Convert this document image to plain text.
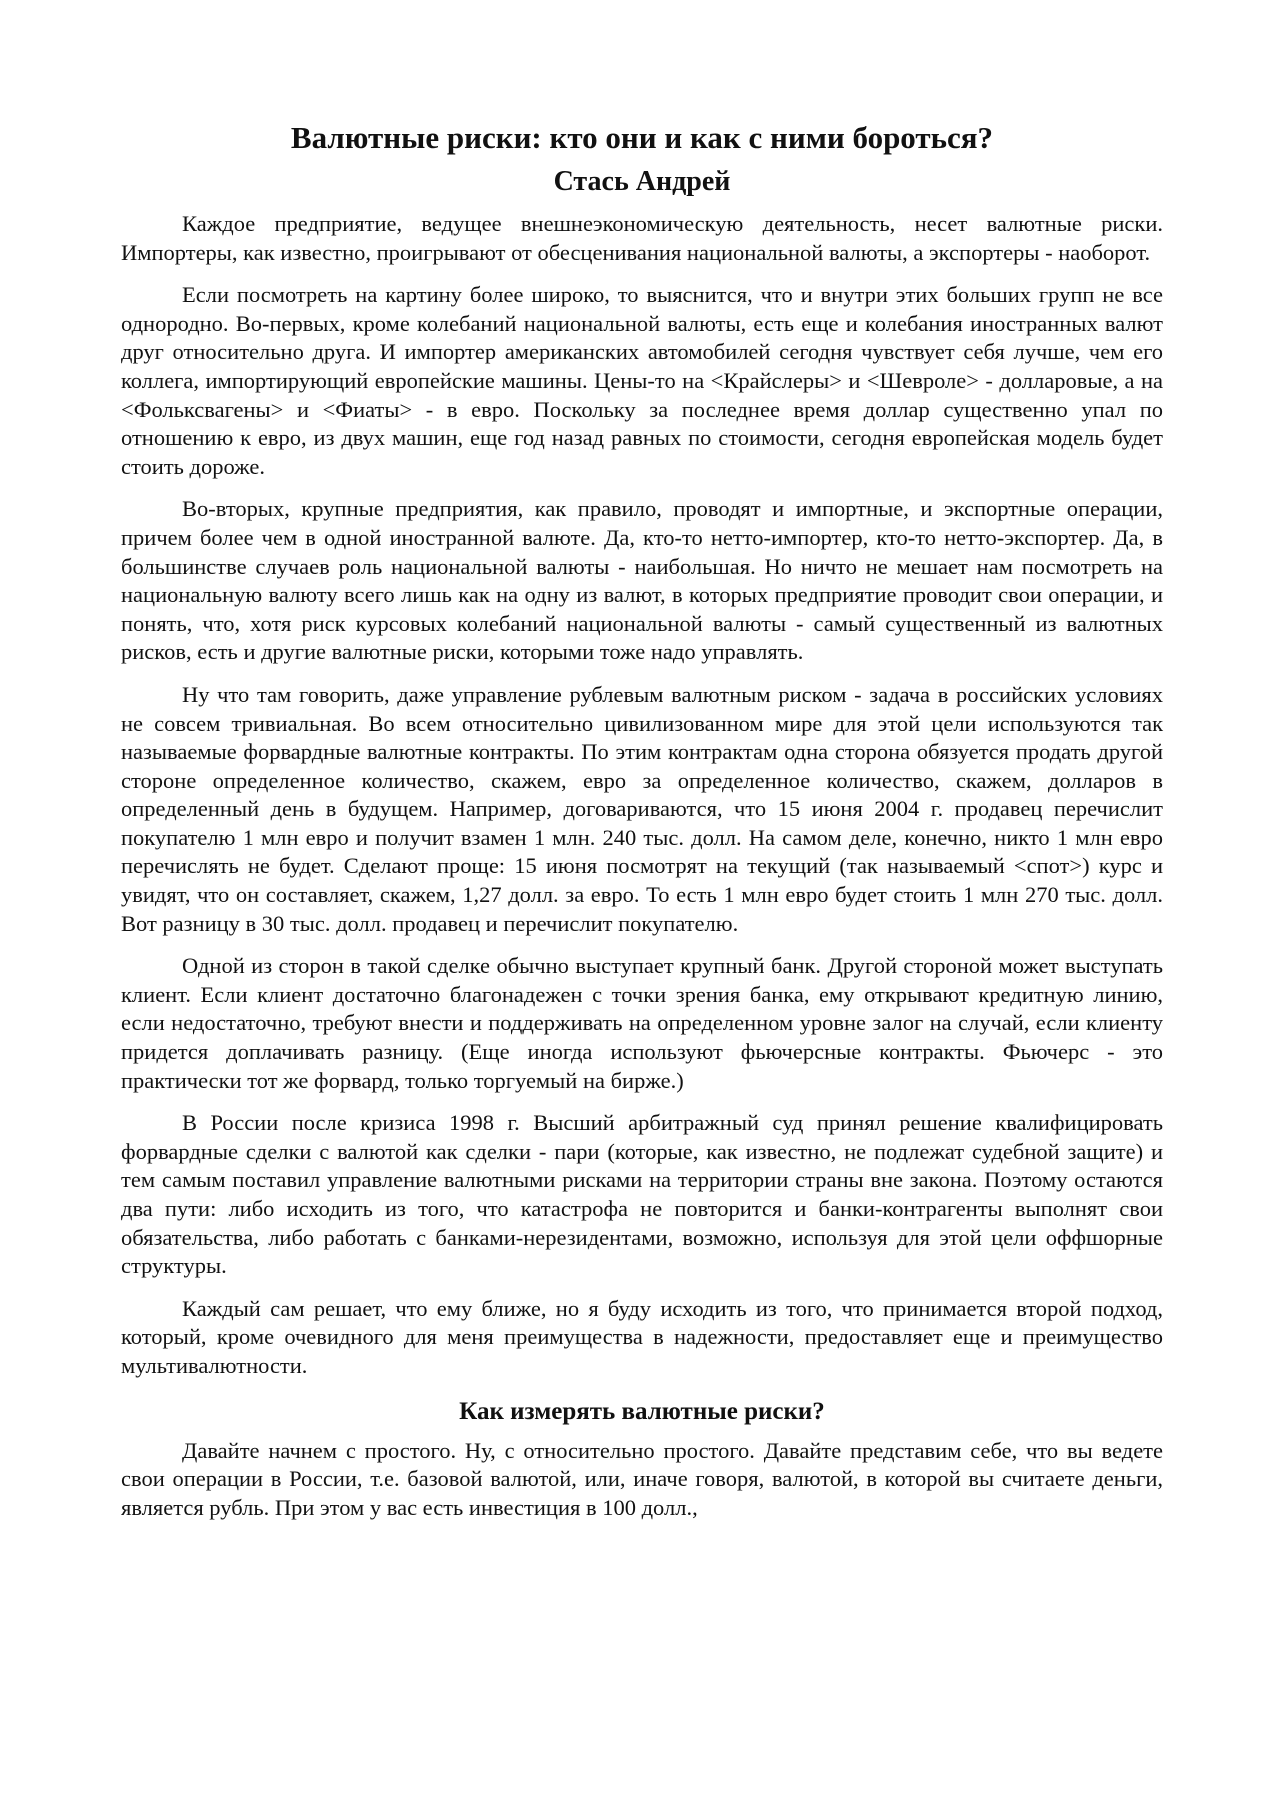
Валютные риски: кто они и как с ними бороться?
Стась Андрей

Каждое предприятие, ведущее внешнеэкономическую деятельность, несет валютные риски. Импортеры, как известно, проигрывают от обесценивания национальной валюты, а экспортеры - наоборот.

Если посмотреть на картину более широко, то выяснится, что и внутри этих больших групп не все однородно. Во-первых, кроме колебаний национальной валюты, есть еще и колебания иностранных валют друг относительно друга. И импортер американских автомобилей сегодня чувствует себя лучше, чем его коллега, импортирующий европейские машины. Цены-то на <Крайслеры> и <Шевроле> - долларовые, а на <Фольксвагены> и <Фиаты> - в евро. Поскольку за последнее время доллар существенно упал по отношению к евро, из двух машин, еще год назад равных по стоимости, сегодня европейская модель будет стоить дороже.

Во-вторых, крупные предприятия, как правило, проводят и импортные, и экспортные операции, причем более чем в одной иностранной валюте. Да, кто-то нетто-импортер, кто-то нетто-экспортер. Да, в большинстве случаев роль национальной валюты - наибольшая. Но ничто не мешает нам посмотреть на национальную валюту всего лишь как на одну из валют, в которых предприятие проводит свои операции, и понять, что, хотя риск курсовых колебаний национальной валюты - самый существенный из валютных рисков, есть и другие валютные риски, которыми тоже надо управлять.

Ну что там говорить, даже управление рублевым валютным риском - задача в российских условиях не совсем тривиальная. Во всем относительно цивилизованном мире для этой цели используются так называемые форвардные валютные контракты. По этим контрактам одна сторона обязуется продать другой стороне определенное количество, скажем, евро за определенное количество, скажем, долларов в определенный день в будущем. Например, договариваются, что 15 июня 2004 г. продавец перечислит покупателю 1 млн евро и получит взамен 1 млн. 240 тыс. долл. На самом деле, конечно, никто 1 млн евро перечислять не будет. Сделают проще: 15 июня посмотрят на текущий (так называемый <спот>) курс и увидят, что он составляет, скажем, 1,27 долл. за евро. То есть 1 млн евро будет стоить 1 млн 270 тыс. долл. Вот разницу в 30 тыс. долл. продавец и перечислит покупателю.

Одной из сторон в такой сделке обычно выступает крупный банк. Другой стороной может выступать клиент. Если клиент достаточно благонадежен с точки зрения банка, ему открывают кредитную линию, если недостаточно, требуют внести и поддерживать на определенном уровне залог на случай, если клиенту придется доплачивать разницу. (Еще иногда используют фьючерсные контракты. Фьючерс - это практически тот же форвард, только торгуемый на бирже.)

В России после кризиса 1998 г. Высший арбитражный суд принял решение квалифицировать форвардные сделки с валютой как сделки - пари (которые, как известно, не подлежат судебной защите) и тем самым поставил управление валютными рисками на территории страны вне закона. Поэтому остаются два пути: либо исходить из того, что катастрофа не повторится и банки-контрагенты выполнят свои обязательства, либо работать с банками-нерезидентами, возможно, используя для этой цели оффшорные структуры.

Каждый сам решает, что ему ближе, но я буду исходить из того, что принимается второй подход, который, кроме очевидного для меня преимущества в надежности, предоставляет еще и преимущество мультивалютности.

Как измерять валютные риски?

Давайте начнем с простого. Ну, с относительно простого. Давайте представим себе, что вы ведете свои операции в России, т.е. базовой валютой, или, иначе говоря, валютой, в которой вы считаете деньги, является рубль. При этом у вас есть инвестиция в 100 долл.,
